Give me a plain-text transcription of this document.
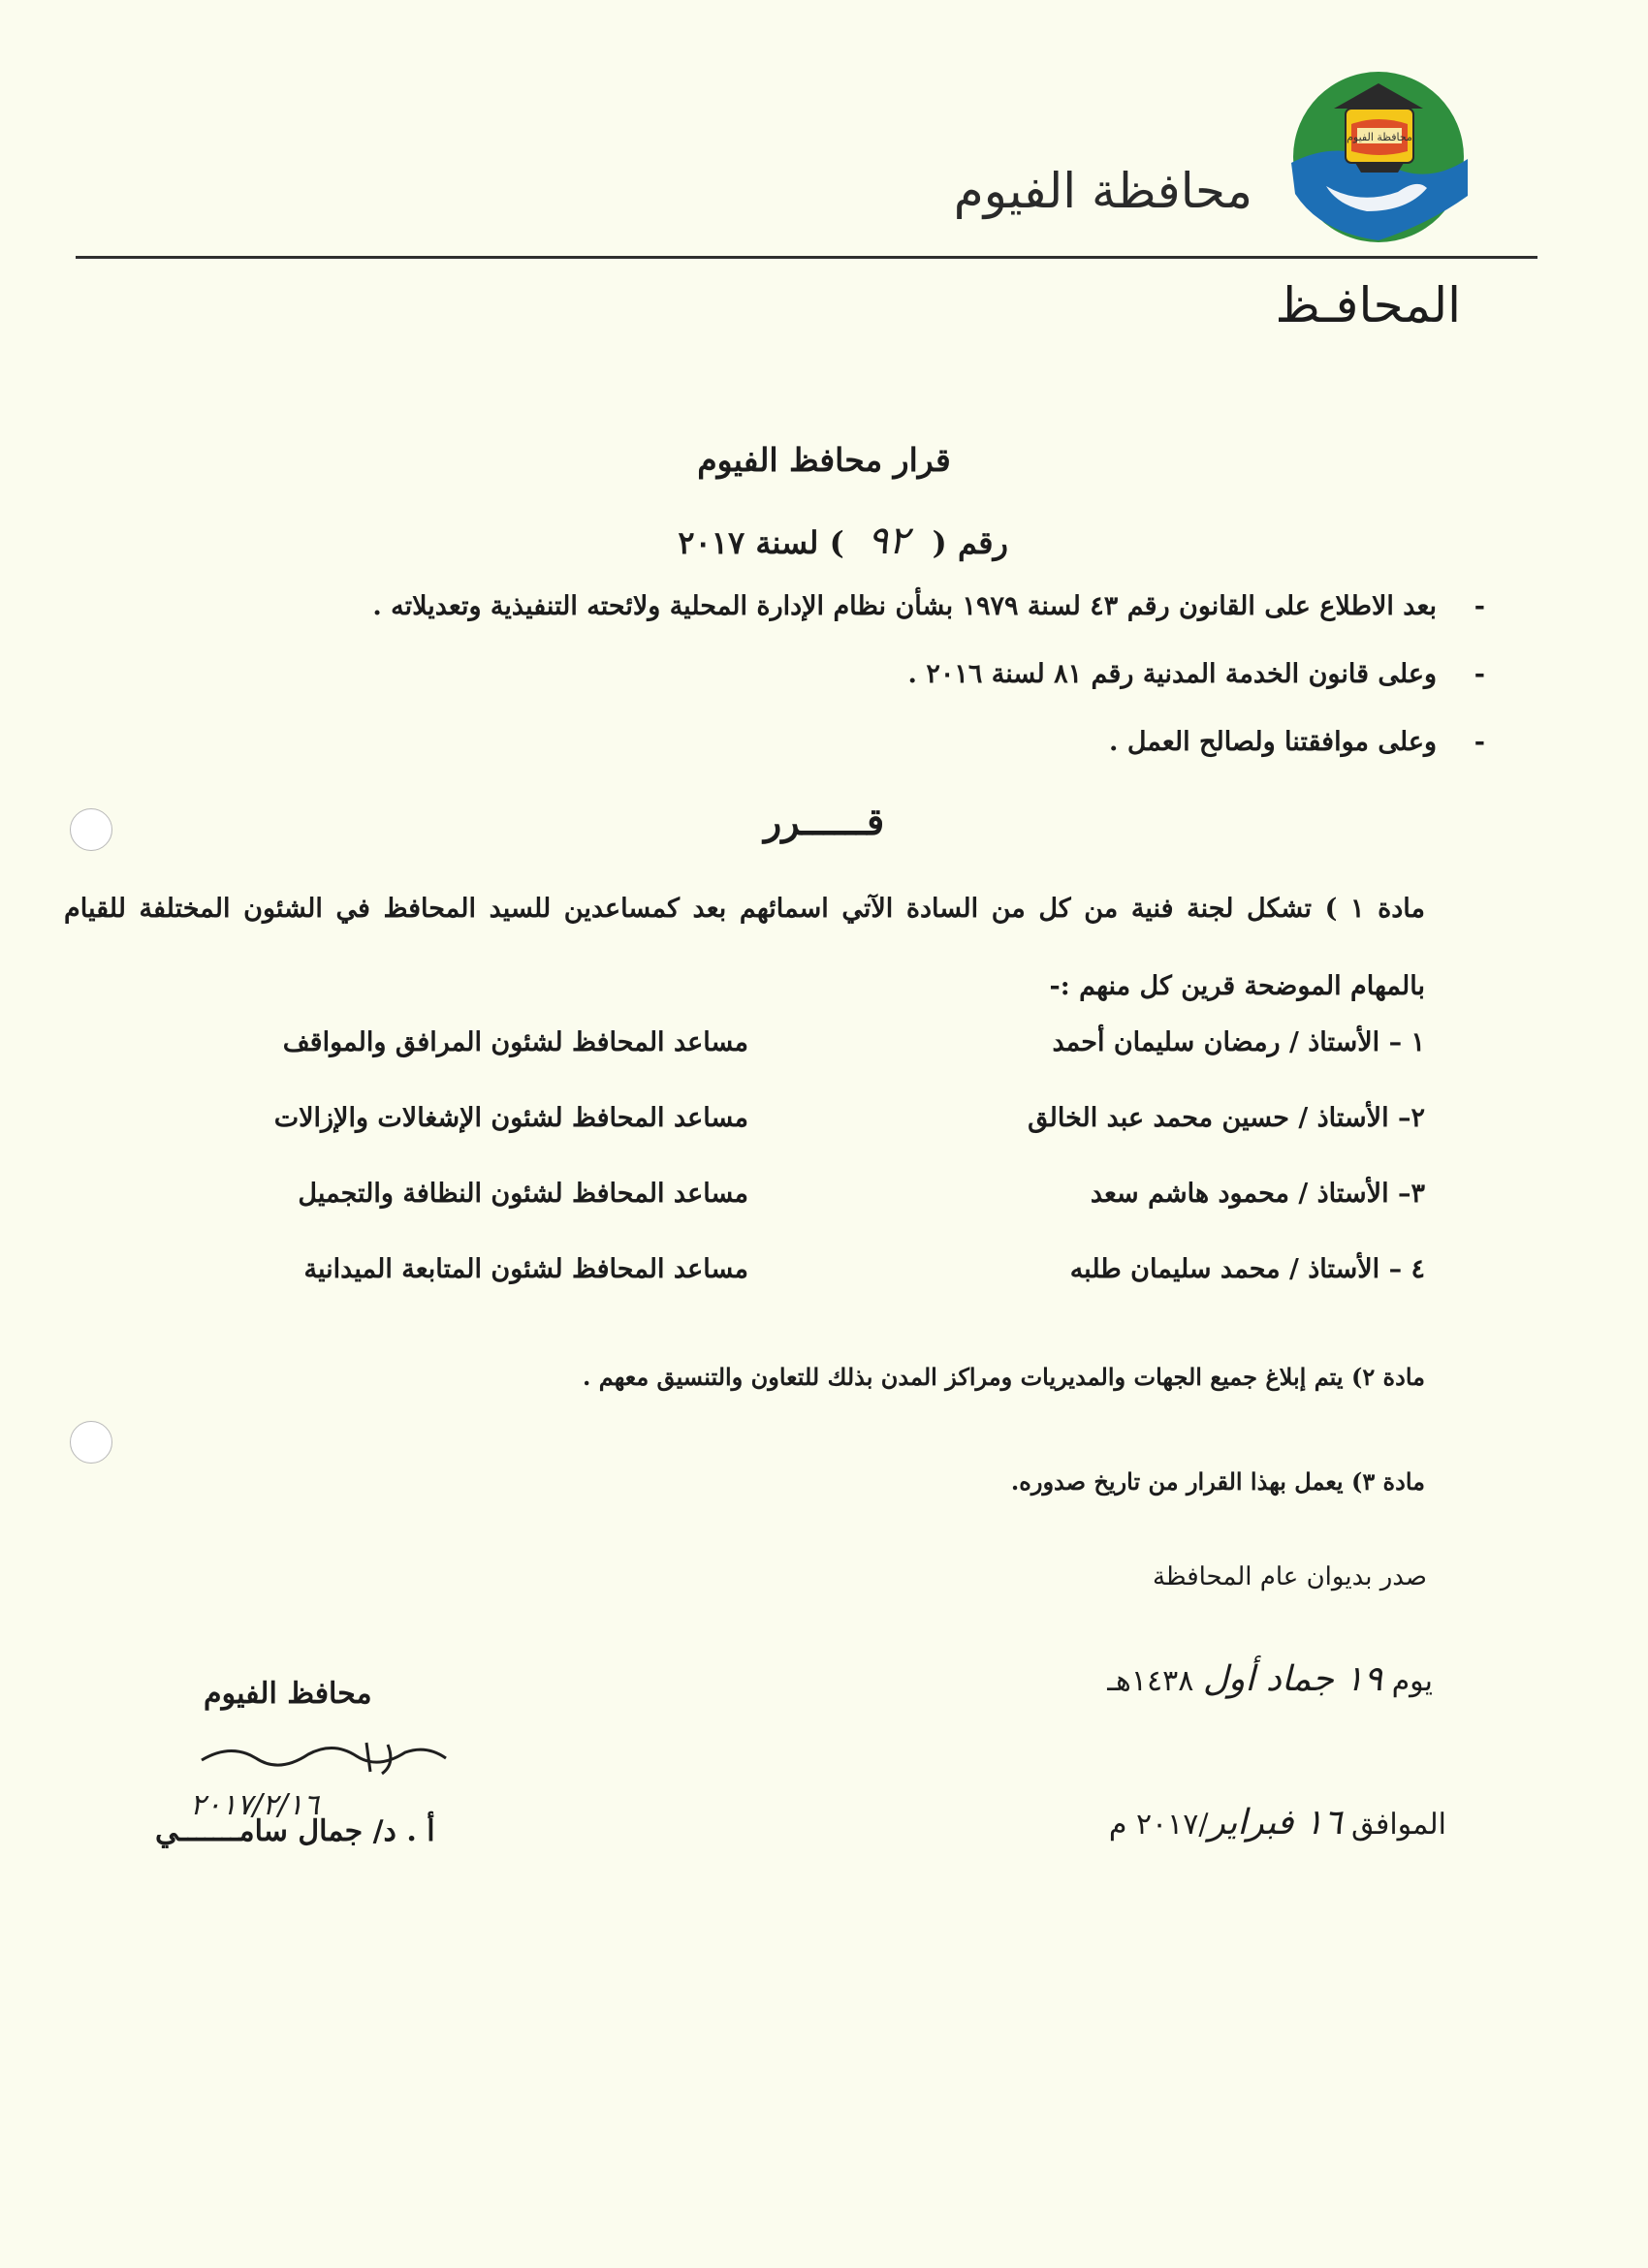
محافظة الفيوم
محافظة الفيوم
المحافـظ
قرار محافظ الفيوم
رقم (٩٢) لسنة ٢٠١٧
-بعد الاطلاع على القانون رقم ٤٣ لسنة ١٩٧٩ بشأن نظام الإدارة المحلية ولائحته التنفيذية وتعديلاته .
-وعلى قانون الخدمة المدنية رقم ٨١ لسنة ٢٠١٦ .
-وعلى موافقتنا ولصالح العمل .
قــــــرر
مادة ١ ) تشكل لجنة فنية من كل من السادة الآتي اسمائهم بعد كمساعدين للسيد المحافظ في الشئون المختلفة للقيام بالمهام الموضحة قرين كل منهم :-
١ – الأستاذ / رمضان سليمان أحمد
مساعد المحافظ لشئون المرافق والمواقف
٢– الأستاذ / حسين محمد عبد الخالق
مساعد المحافظ لشئون الإشغالات والإزالات
٣– الأستاذ / محمود هاشم سعد
مساعد المحافظ لشئون النظافة والتجميل
٤ – الأستاذ / محمد سليمان طلبه
مساعد المحافظ لشئون المتابعة الميدانية
مادة ٢) يتم إبلاغ جميع الجهات والمديريات ومراكز المدن بذلك للتعاون والتنسيق معهم .
مادة ٣) يعمل بهذا القرار من تاريخ صدوره.
صدر بديوان عام المحافظة
يوم ١٩ جماد أول ١٤٣٨هـ
الموافق ١٦ فبراير/٢٠١٧ م
محافظ الفيوم
٢٠١٧/٢/١٦
أ . د/ جمال سامـــــــي
